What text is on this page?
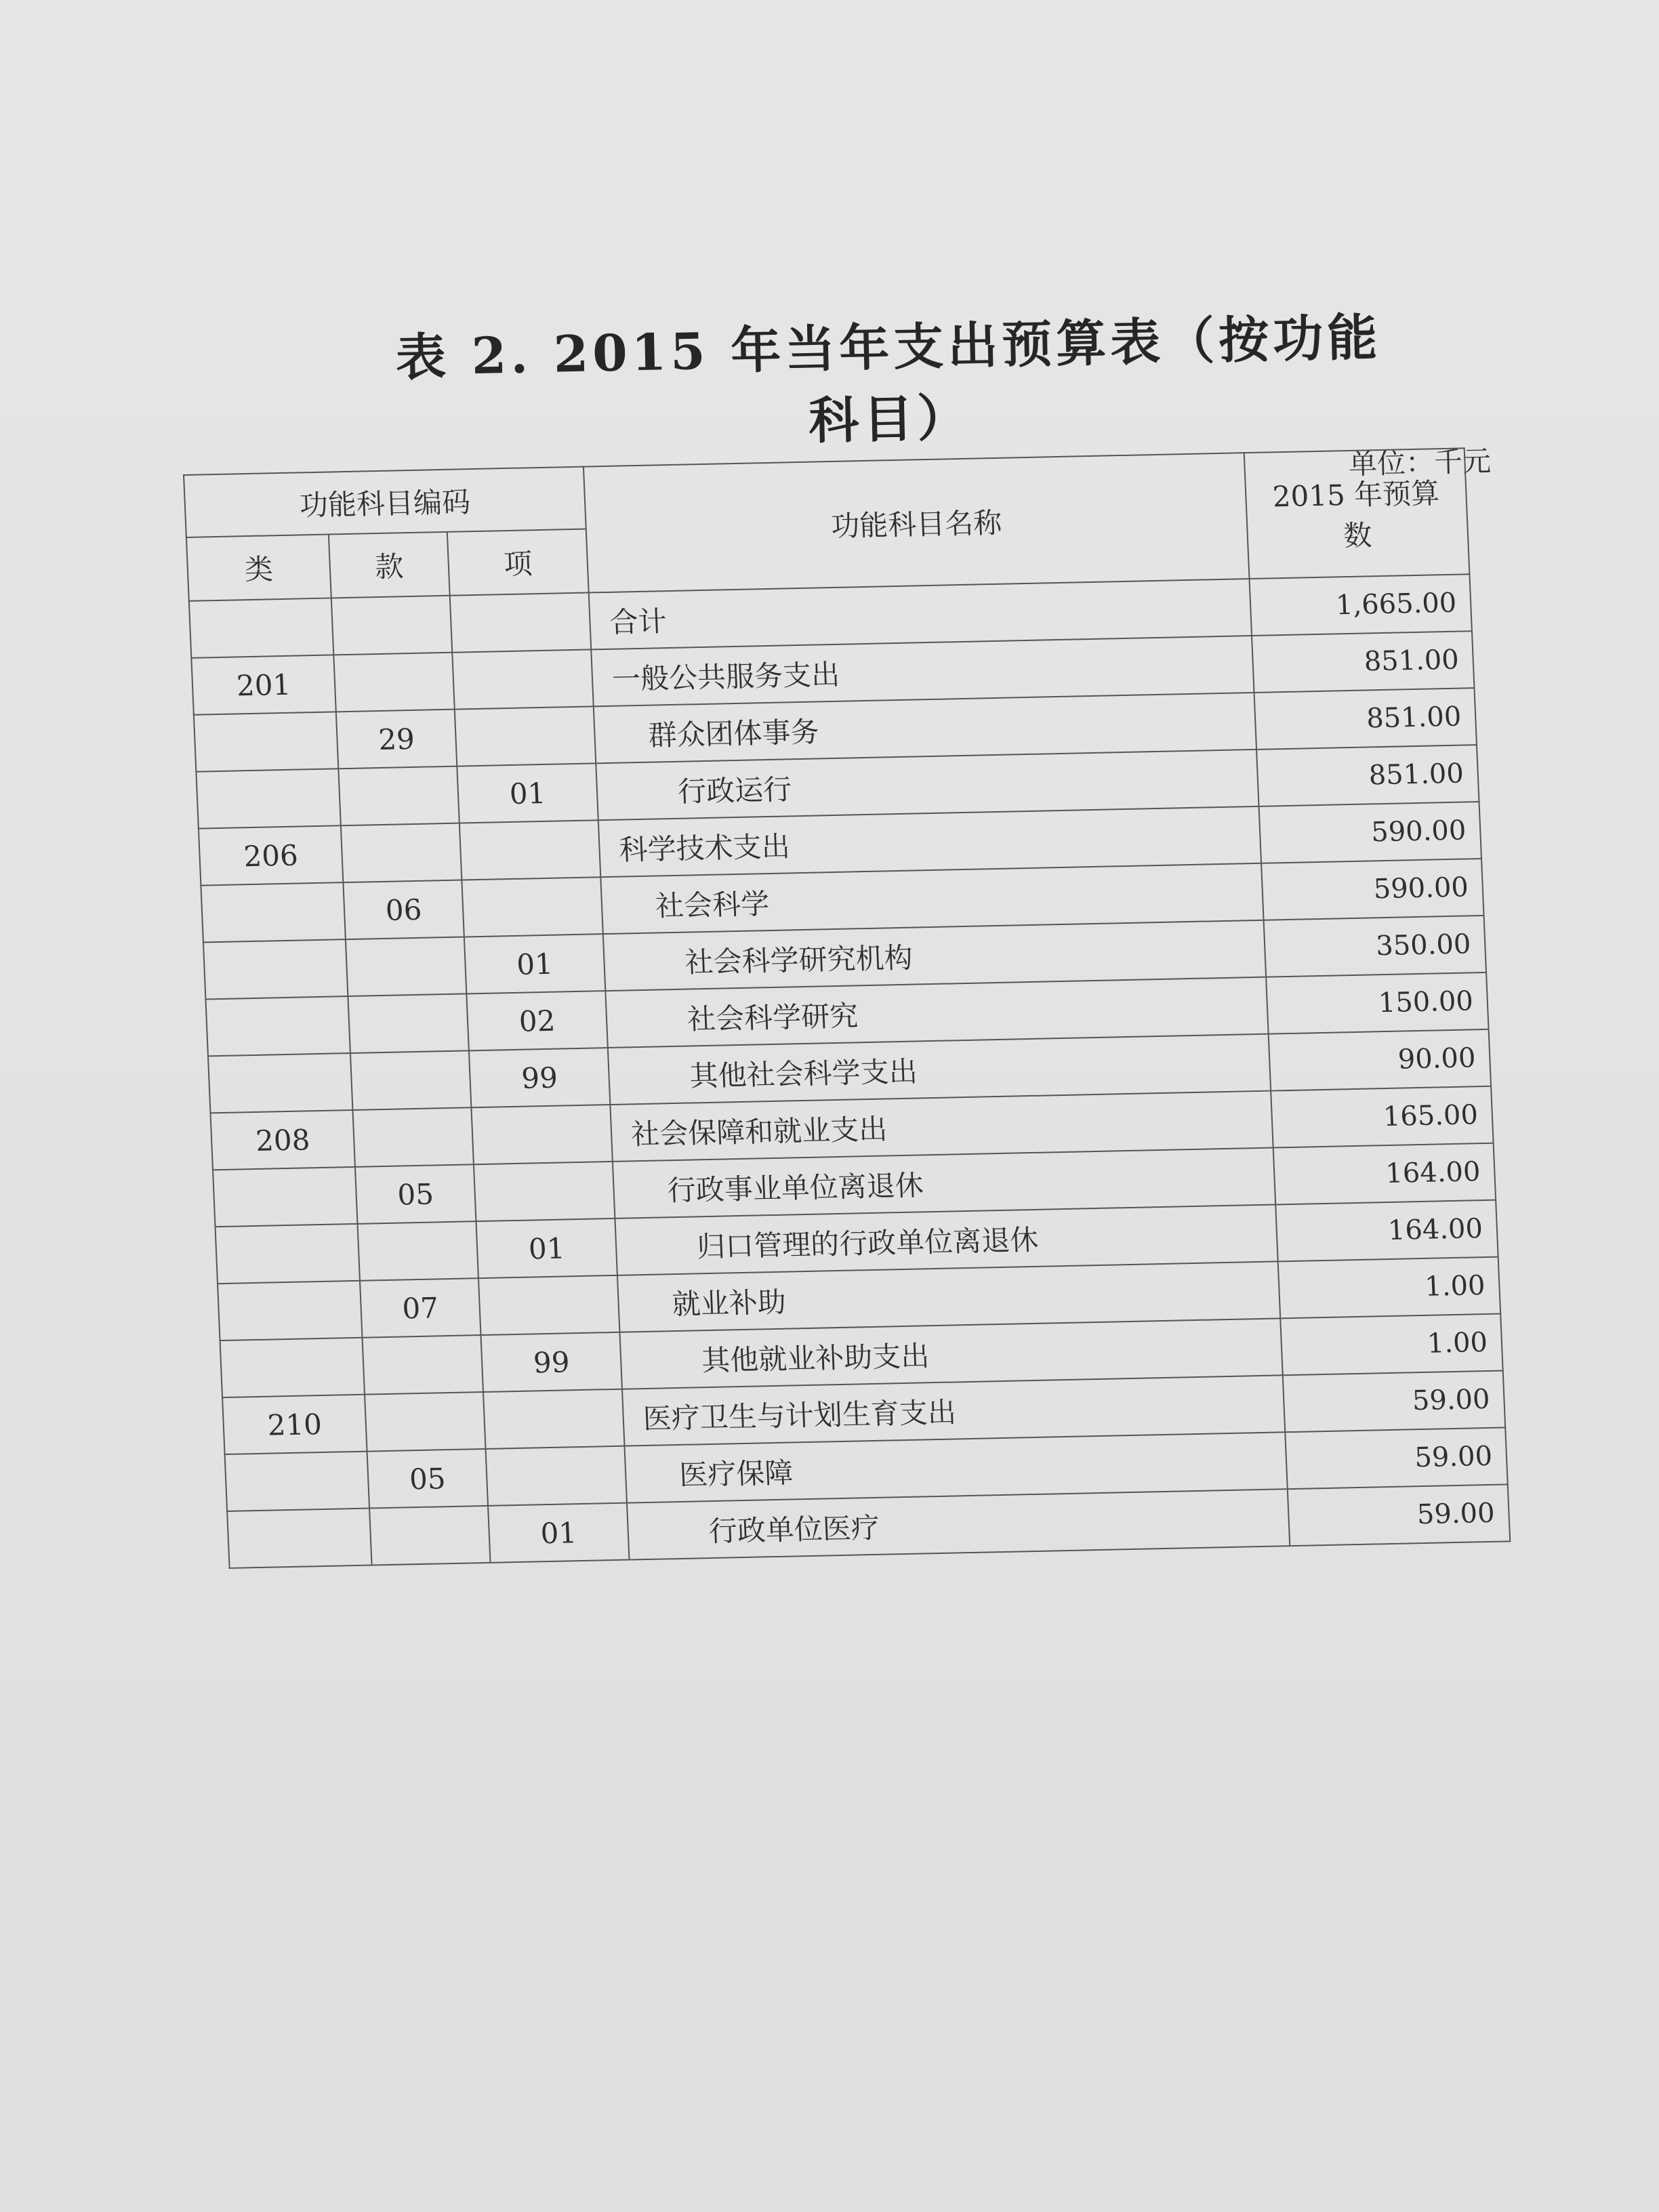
表 2. 2015 年当年支出预算表（按功能科目）
单位：千元
功能科目编码			功能科目名称	2015 年预算数
类	款	项		
			合计	1,665.00
201			一般公共服务支出	851.00
	29		群众团体事务	851.00
		01	行政运行	851.00
206			科学技术支出	590.00
	06		社会科学	590.00
		01	社会科学研究机构	350.00
		02	社会科学研究	150.00
		99	其他社会科学支出	90.00
208			社会保障和就业支出	165.00
	05		行政事业单位离退休	164.00
		01	归口管理的行政单位离退休	164.00
	07		就业补助	1.00
		99	其他就业补助支出	1.00
210			医疗卫生与计划生育支出	59.00
	05		医疗保障	59.00
		01	行政单位医疗	59.00
